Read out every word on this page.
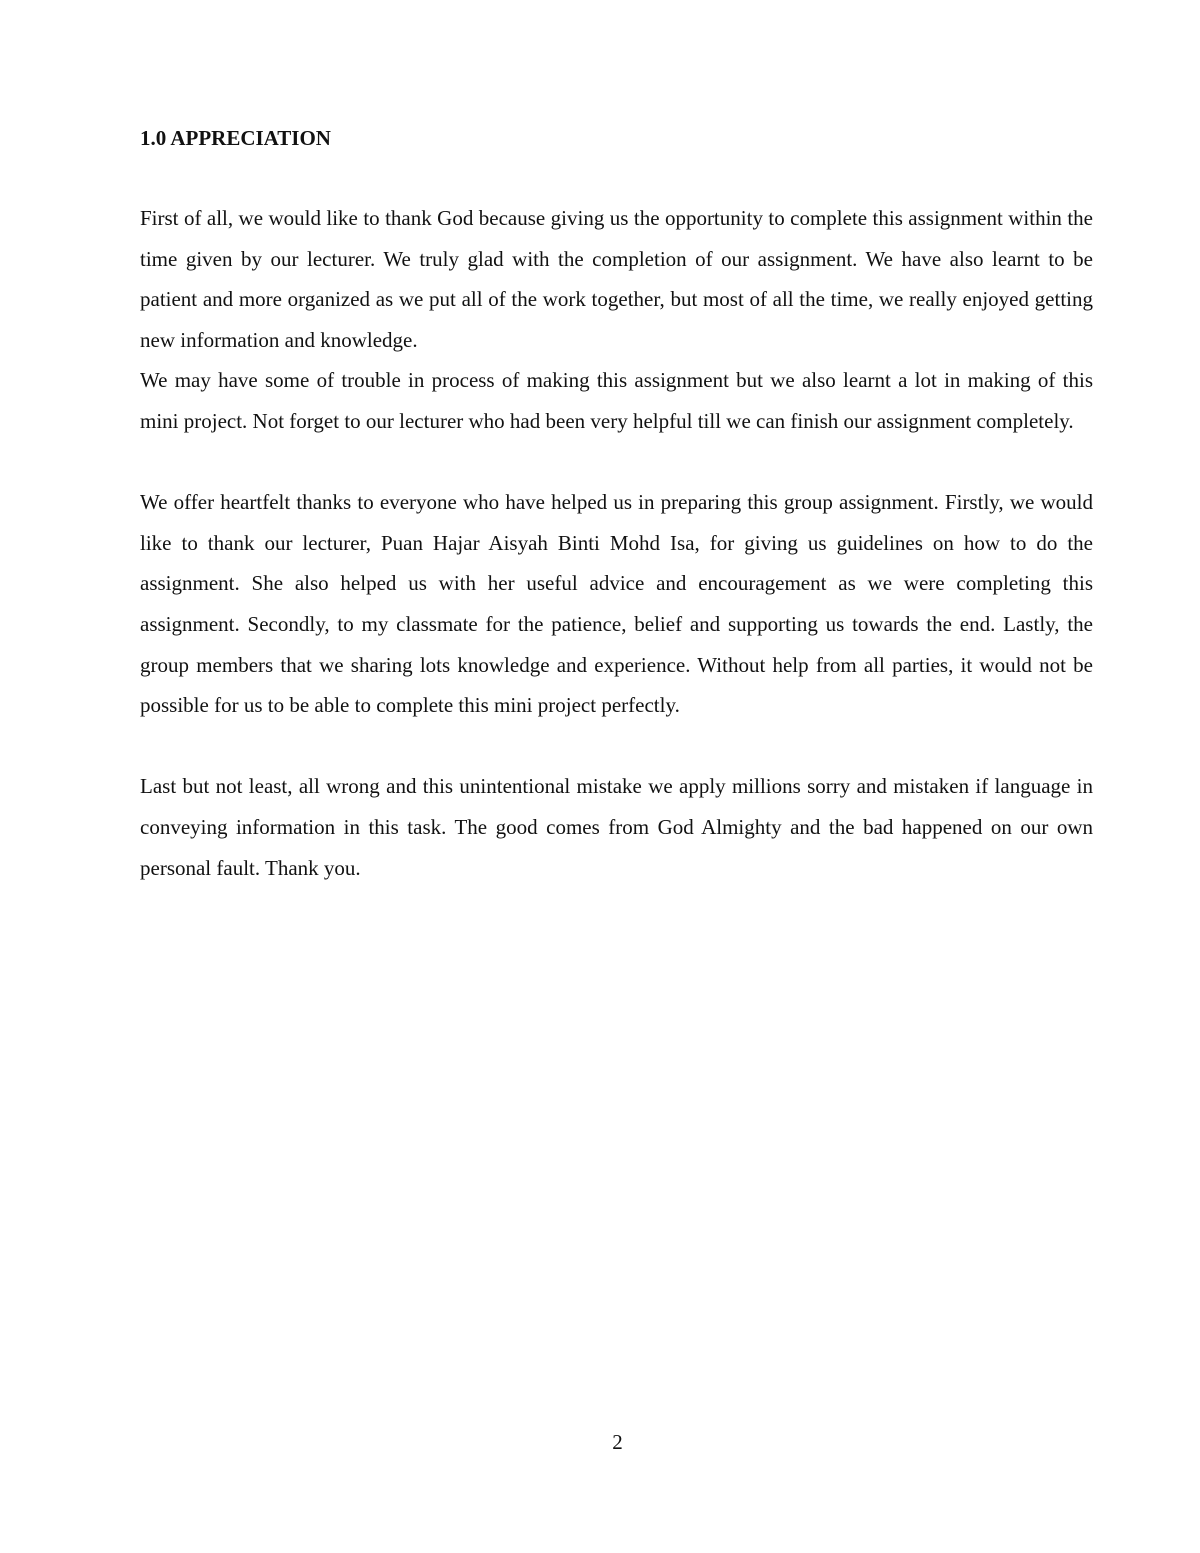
1.0 APPRECIATION

First of all, we would like to thank God because giving us the opportunity to complete this assignment within the time given by our lecturer. We truly glad with the completion of our assignment. We have also learnt to be patient and more organized as we put all of the work together, but most of all the time, we really enjoyed getting new information and knowledge.

We may have some of trouble in process of making this assignment but we also learnt a lot in making of this mini project. Not forget to our lecturer who had been very helpful till we can finish our assignment completely.

We offer heartfelt thanks to everyone who have helped us in preparing this group assignment. Firstly, we would like to thank our lecturer, Puan Hajar Aisyah Binti Mohd Isa, for giving us guidelines on how to do the assignment. She also helped us with her useful advice and encouragement as we were completing this assignment. Secondly, to my classmate for the patience, belief and supporting us towards the end. Lastly, the group members that we sharing lots knowledge and experience. Without help from all parties, it would not be possible for us to be able to complete this mini project perfectly.

Last but not least, all wrong and this unintentional mistake we apply millions sorry and mistaken if language in conveying information in this task. The good comes from God Almighty and the bad happened on our own personal fault. Thank you.

2
